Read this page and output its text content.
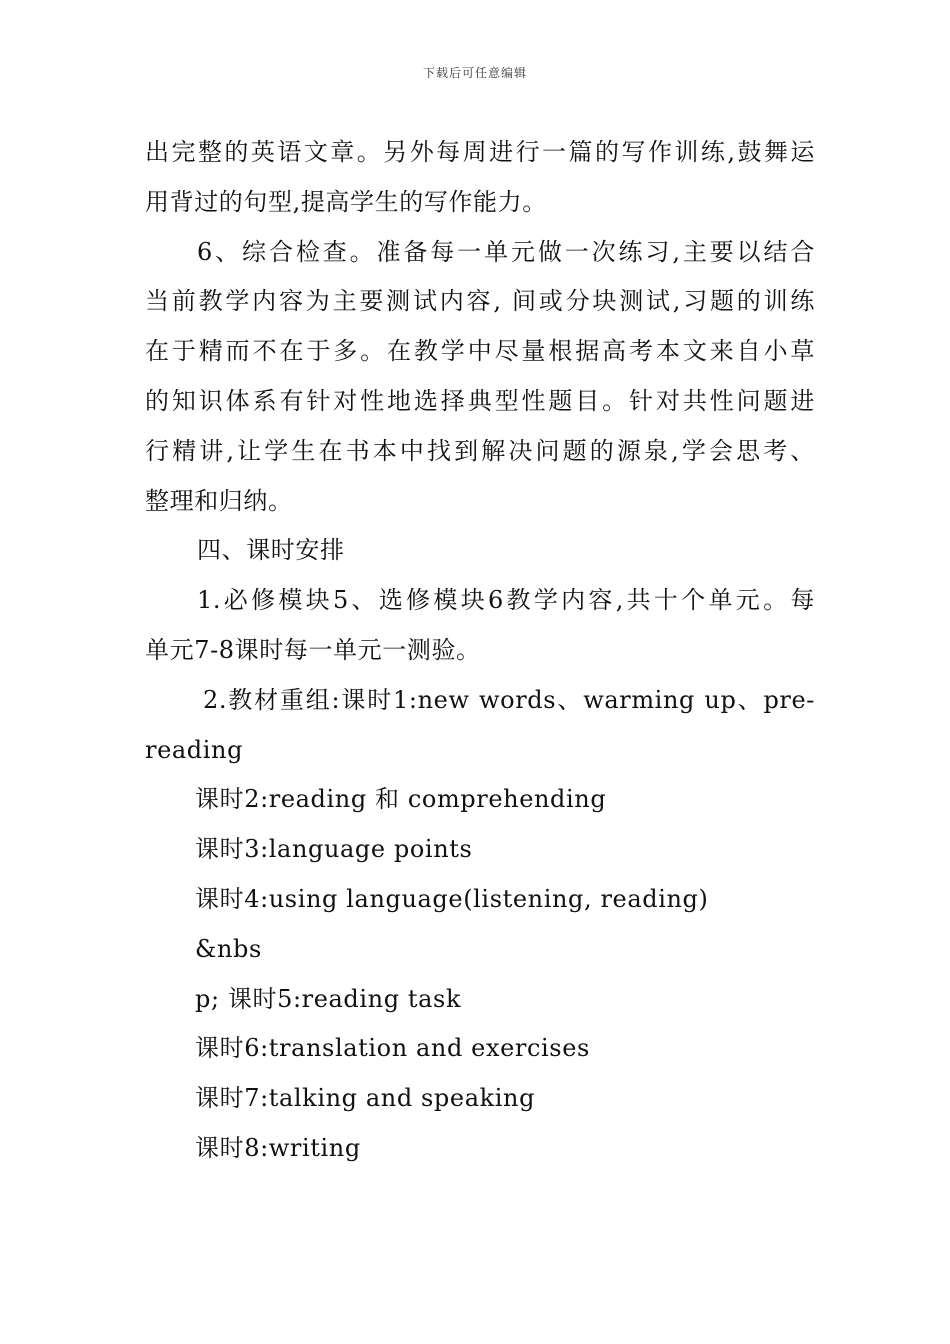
下载后可任意编辑
出完整的英语文章。另外每周进行一篇的写作训练,鼓舞运
用背过的句型,提高学生的写作能力。
6、综合检查。准备每一单元做一次练习,主要以结合
当前教学内容为主要测试内容, 间或分块测试,习题的训练
在于精而不在于多。在教学中尽量根据高考本文来自小草
的知识体系有针对性地选择典型性题目。针对共性问题进
行精讲,让学生在书本中找到解决问题的源泉,学会思考、
整理和归纳。
四、课时安排
1.必修模块5、选修模块6教学内容,共十个单元。每
单元7-8课时每一单元一测验。
2.教材重组:课时1:new words、warming up、pre-
reading
课时2:reading 和 comprehending
课时3:language points
课时4:using language(listening, reading)
&nbs
p; 课时5:reading task
课时6:translation and exercises
课时7:talking and speaking
课时8:writing
